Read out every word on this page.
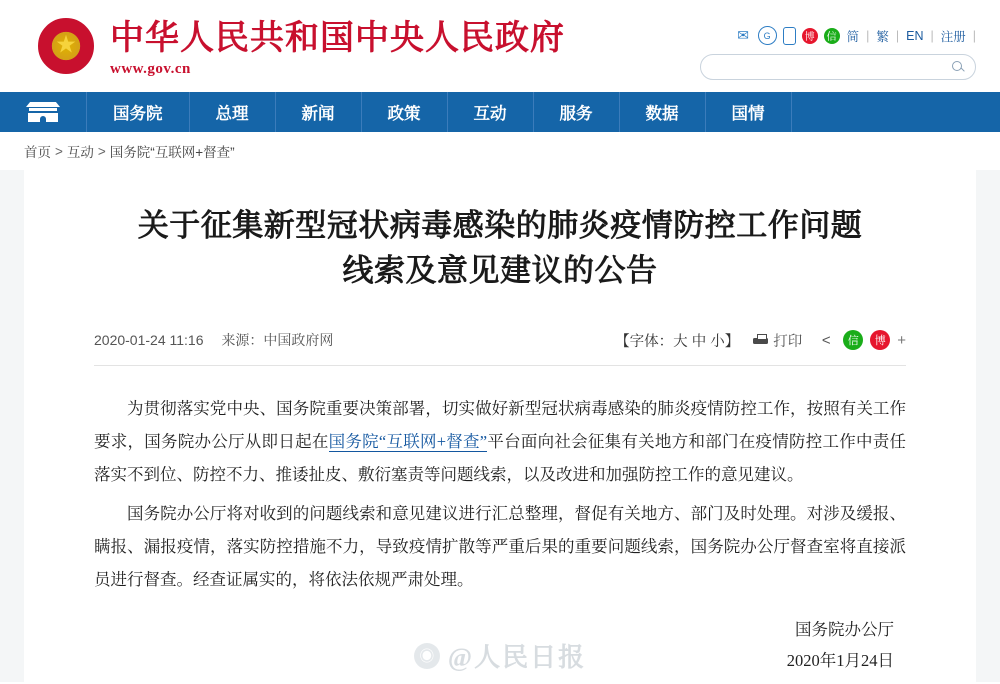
★
中华人民共和国中央人民政府
www.gov.cn
✉	G	博	信 简 | 繁 | EN | 注册 |
国务院	总理	新闻	政策	互动	服务	数据	国情
首页 > 互动 > 国务院“互联网+督查”
关于征集新型冠状病毒感染的肺炎疫情防控工作问题线索及意见建议的公告
2020-01-24 11:16 来源：中国政府网	【字体：大 中 小】 打印	<	信	博 +

为贯彻落实党中央、国务院重要决策部署，切实做好新型冠状病毒感染的肺炎疫情防控工作，按照有关工作要求，国务院办公厅从即日起在国务院“互联网+督查”平台面向社会征集有关地方和部门在疫情防控工作中责任落实不到位、防控不力、推诿扯皮、敷衍塞责等问题线索，以及改进和加强防控工作的意见建议。

国务院办公厅将对收到的问题线索和意见建议进行汇总整理，督促有关地方、部门及时处理。对涉及缓报、瞒报、漏报疫情，落实防控措施不力，导致疫情扩散等严重后果的重要问题线索，国务院办公厅督查室将直接派员进行督查。经查证属实的，将依法依规严肃处理。

国务院办公厅
2020年1月24日
◉ @人民日报
